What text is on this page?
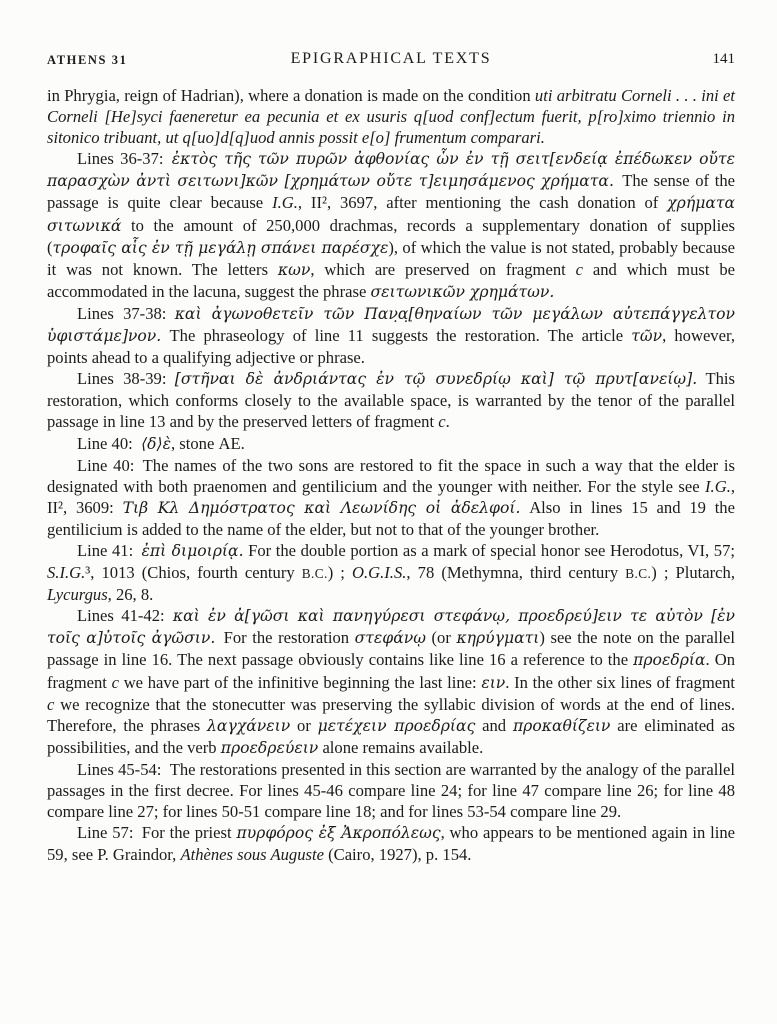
ATHENS 31	EPIGRAPHICAL TEXTS	141

in Phrygia, reign of Hadrian), where a donation is made on the condition uti arbitratu Corneli . . . ini et Corneli [He]syci faeneretur ea pecunia et ex usuris q[uod conf]ectum fuerit, p[ro]ximo triennio in sitonico tribuant, ut q[uo]d[q]uod annis possit e[o] frumentum comparari.

Lines 36-37: ἐκτὸς τῆς τῶν πυρῶν ἀφθονίας ὧν ἐν τῇ σειτ[ενδείᾳ ἐπέδωκεν οὔτε παρασχὼν ἀντὶ σειτωνι]κῶν [χρημάτων οὔτε τ]ειμησάμενος χρήματα. The sense of the passage is quite clear because I.G., II², 3697, after mentioning the cash donation of χρήματα σιτωνικά to the amount of 250,000 drachmas, records a supplementary donation of supplies (τροφαῖς αἷς ἐν τῇ μεγάλῃ σπάνει παρέσχε), of which the value is not stated, probably because it was not known. The letters κων, which are preserved on fragment c and which must be accommodated in the lacuna, suggest the phrase σειτωνικῶν χρημάτων.

Lines 37-38: καὶ ἀγωνοθετεῖν τῶν Παν̣α̣[θηναίων τῶν μεγάλων αὐτεπάγγελτον ὑφιστάμε]νον. The phraseology of line 11 suggests the restoration. The article τῶν, however, points ahead to a qualifying adjective or phrase.

Lines 38-39: [στῆναι δὲ ἀνδριάντας ἐν τῷ συνεδρίῳ καὶ] τῷ πρυτ[ανείῳ]. This restoration, which conforms closely to the available space, is warranted by the tenor of the parallel passage in line 13 and by the preserved letters of fragment c.

Line 40: ⟨δ⟩ὲ, stone ΑΕ.

Line 40: The names of the two sons are restored to fit the space in such a way that the elder is designated with both praenomen and gentilicium and the younger with neither. For the style see I.G., II², 3609: Τιβ Κλ Δημόστρατος καὶ Λεωνίδης οἱ ἀδελφοί. Also in lines 15 and 19 the gentilicium is added to the name of the elder, but not to that of the younger brother.

Line 41: ἐπὶ διμοιρίᾳ. For the double portion as a mark of special honor see Herodotus, VI, 57; S.I.G.³, 1013 (Chios, fourth century B.C.) ; O.G.I.S., 78 (Methymna, third century B.C.) ; Plutarch, Lycurgus, 26, 8.

Lines 41-42: καὶ ἐν ἀ[γῶσι καὶ πανηγύρεσι στεφάνῳ, προεδρεύ]ειν τε αὐτὸν [ἐν τοῖς α]ὐτοῖς ἀγῶσιν. For the restoration στεφάνῳ (or κηρύγματι) see the note on the parallel passage in line 16. The next passage obviously contains like line 16 a reference to the προεδρία. On fragment c we have part of the infinitive beginning the last line: ειν. In the other six lines of fragment c we recognize that the stonecutter was preserving the syllabic division of words at the end of lines. Therefore, the phrases λαγχάνειν or μετέχειν προεδρίας and προκαθίζειν are eliminated as possibilities, and the verb προεδρεύειν alone remains available.

Lines 45-54: The restorations presented in this section are warranted by the analogy of the parallel passages in the first decree. For lines 45-46 compare line 24; for line 47 compare line 26; for line 48 compare line 27; for lines 50-51 compare line 18; and for lines 53-54 compare line 29.

Line 57: For the priest πυρφόρος ἐξ Ἀκροπόλεως, who appears to be mentioned again in line 59, see P. Graindor, Athènes sous Auguste (Cairo, 1927), p. 154.
